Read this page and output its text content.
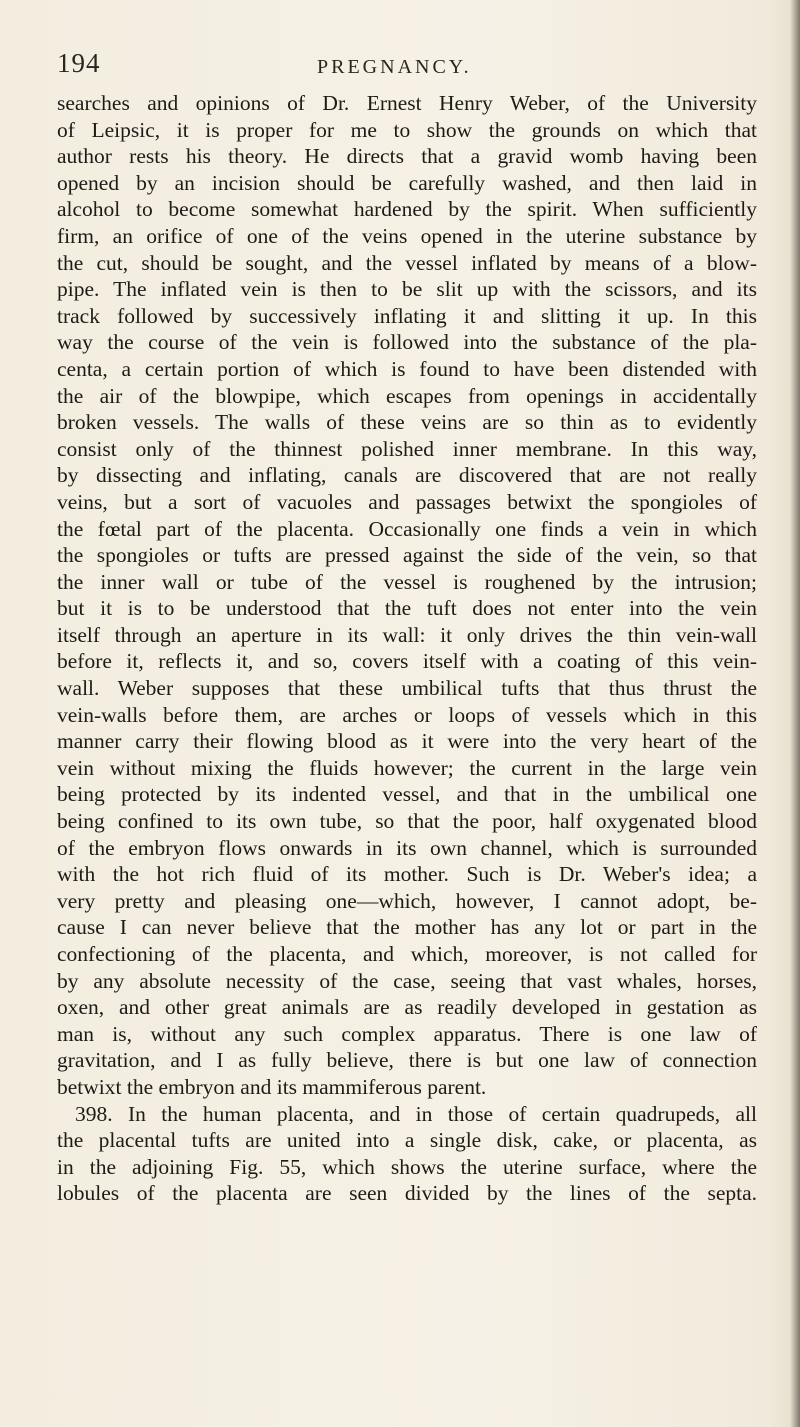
194	PREGNANCY.
searches and opinions of Dr. Ernest Henry Weber, of the University
of Leipsic, it is proper for me to show the grounds on which that
author rests his theory. He directs that a gravid womb having been
opened by an incision should be carefully washed, and then laid in
alcohol to become somewhat hardened by the spirit. When sufficiently
firm, an orifice of one of the veins opened in the uterine substance by
the cut, should be sought, and the vessel inflated by means of a blow-
pipe. The inflated vein is then to be slit up with the scissors, and its
track followed by successively inflating it and slitting it up. In this
way the course of the vein is followed into the substance of the pla-
centa, a certain portion of which is found to have been distended with
the air of the blowpipe, which escapes from openings in accidentally
broken vessels. The walls of these veins are so thin as to evidently
consist only of the thinnest polished inner membrane. In this way,
by dissecting and inflating, canals are discovered that are not really
veins, but a sort of vacuoles and passages betwixt the spongioles of
the fœtal part of the placenta. Occasionally one finds a vein in which
the spongioles or tufts are pressed against the side of the vein, so that
the inner wall or tube of the vessel is roughened by the intrusion;
but it is to be understood that the tuft does not enter into the vein
itself through an aperture in its wall: it only drives the thin vein-wall
before it, reflects it, and so, covers itself with a coating of this vein-
wall. Weber supposes that these umbilical tufts that thus thrust the
vein-walls before them, are arches or loops of vessels which in this
manner carry their flowing blood as it were into the very heart of the
vein without mixing the fluids however; the current in the large vein
being protected by its indented vessel, and that in the umbilical one
being confined to its own tube, so that the poor, half oxygenated blood
of the embryon flows onwards in its own channel, which is surrounded
with the hot rich fluid of its mother. Such is Dr. Weber's idea; a
very pretty and pleasing one—which, however, I cannot adopt, be-
cause I can never believe that the mother has any lot or part in the
confectioning of the placenta, and which, moreover, is not called for
by any absolute necessity of the case, seeing that vast whales, horses,
oxen, and other great animals are as readily developed in gestation as
man is, without any such complex apparatus. There is one law of
gravitation, and I as fully believe, there is but one law of connection
betwixt the embryon and its mammiferous parent.
398. In the human placenta, and in those of certain quadrupeds, all
the placental tufts are united into a single disk, cake, or placenta, as
in the adjoining Fig. 55, which shows the uterine surface, where the
lobules of the placenta are seen divided by the lines of the septa.
